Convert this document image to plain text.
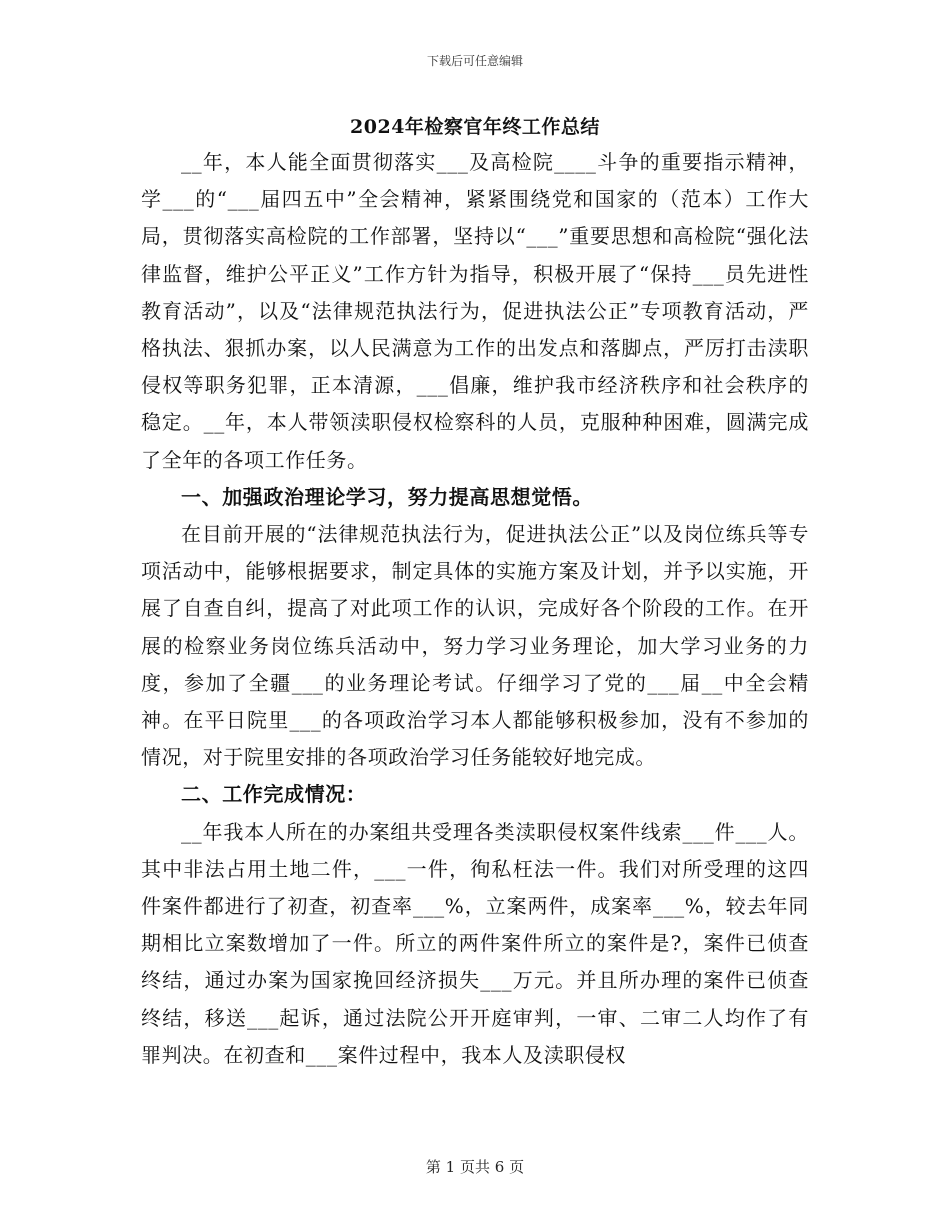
下载后可任意编辑
2024年检察官年终工作总结

__年，本人能全面贯彻落实___及高检院____斗争的重要指示精神，学___的“___届四五中”全会精神，紧紧围绕党和国家的（范本）工作大局，贯彻落实高检院的工作部署，坚持以“___”重要思想和高检院“强化法律监督，维护公平正义”工作方针为指导，积极开展了“保持___员先进性教育活动”，以及“法律规范执法行为，促进执法公正”专项教育活动，严格执法、狠抓办案，以人民满意为工作的出发点和落脚点，严厉打击渎职侵权等职务犯罪，正本清源，___倡廉，维护我市经济秩序和社会秩序的稳定。__年，本人带领渎职侵权检察科的人员，克服种种困难，圆满完成了全年的各项工作任务。

一、加强政治理论学习，努力提高思想觉悟。

在目前开展的“法律规范执法行为，促进执法公正”以及岗位练兵等专项活动中，能够根据要求，制定具体的实施方案及计划，并予以实施，开展了自查自纠，提高了对此项工作的认识，完成好各个阶段的工作。在开展的检察业务岗位练兵活动中，努力学习业务理论，加大学习业务的力度，参加了全疆___的业务理论考试。仔细学习了党的___届__中全会精神。在平日院里___的各项政治学习本人都能够积极参加，没有不参加的情况，对于院里安排的各项政治学习任务能较好地完成。

二、工作完成情况：

__年我本人所在的办案组共受理各类渎职侵权案件线索___件___人。其中非法占用土地二件，___一件，徇私枉法一件。我们对所受理的这四件案件都进行了初查，初查率___%，立案两件，成案率___%，较去年同期相比立案数增加了一件。所立的两件案件所立的案件是?，案件已侦查终结，通过办案为国家挽回经济损失___万元。并且所办理的案件已侦查终结，移送___起诉，通过法院公开开庭审判，一审、二审二人均作了有罪判决。在初查和___案件过程中，我本人及渎职侵权

第 1 页共 6 页
